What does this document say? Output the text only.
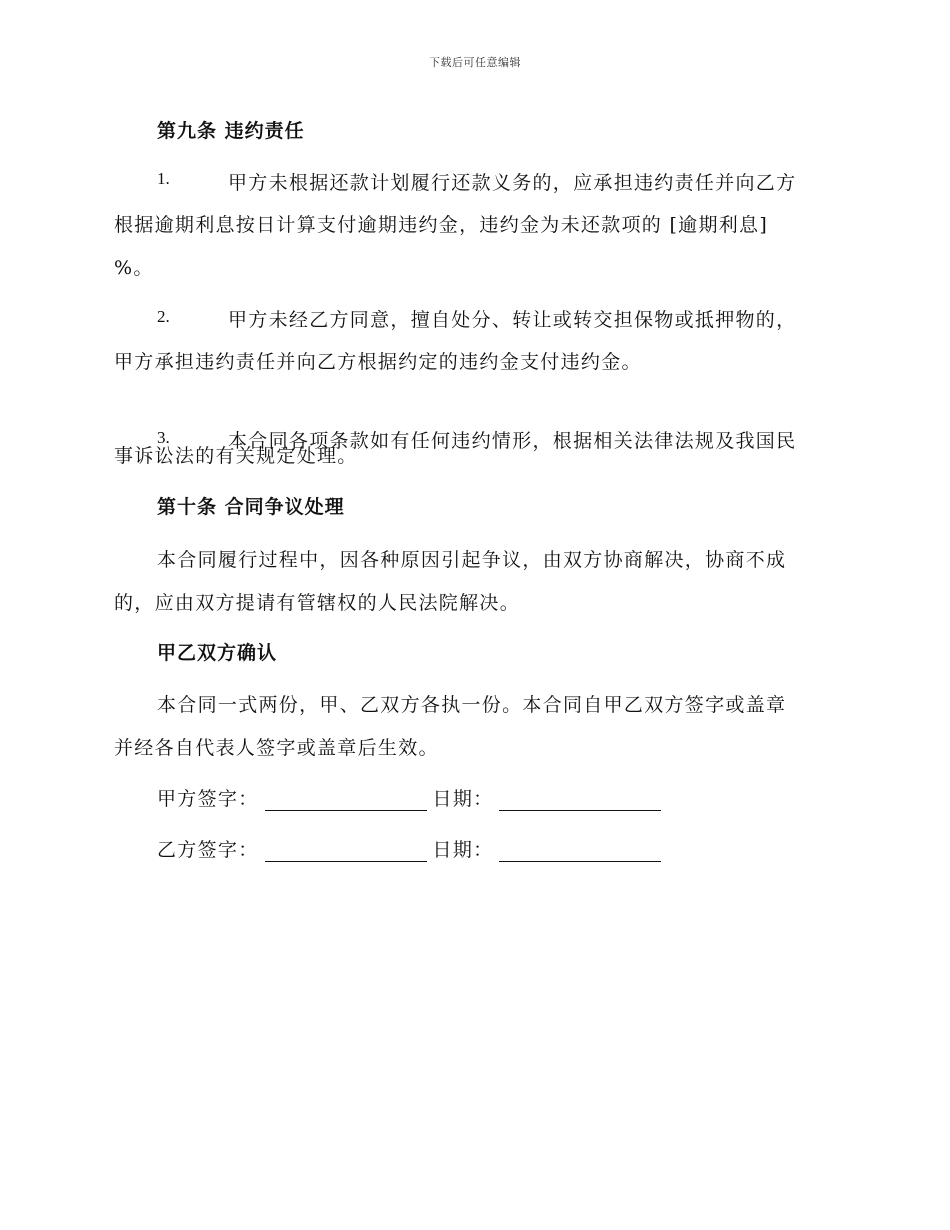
下载后可任意编辑
第九条 违约责任
1.	甲方未根据还款计划履行还款义务的，应承担违约责任并向乙方
根据逾期利息按日计算支付逾期违约金，违约金为未还款项的 [逾期利息]
%。
2.	甲方未经乙方同意，擅自处分、转让或转交担保物或抵押物的，
甲方承担违约责任并向乙方根据约定的违约金支付违约金。
3.	本合同各项条款如有任何违约情形，根据相关法律法规及我国民
事诉讼法的有关规定处理。
第十条 合同争议处理
本合同履行过程中，因各种原因引起争议，由双方协商解决，协商不成
的，应由双方提请有管辖权的人民法院解决。
甲乙双方确认
本合同一式两份，甲、乙双方各执一份。本合同自甲乙双方签字或盖章
并经各自代表人签字或盖章后生效。
甲方签字：	日期：
乙方签字：	日期：
